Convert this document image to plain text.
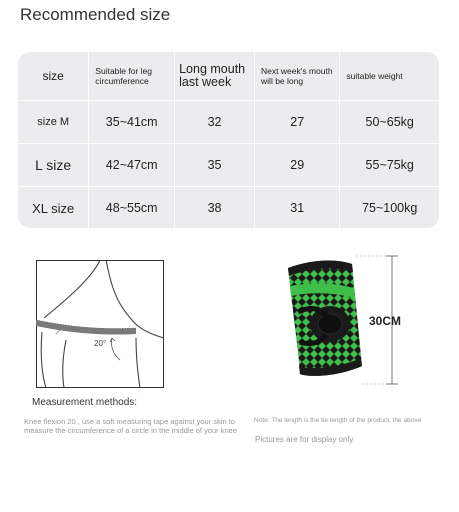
Recommended size
size	Suitable for leg circumference	Long mouth last week	Next week's mouth will be long	suitable weight
size M	35~41cm	32	27	50~65kg
L size	42~47cm	35	29	55~75kg
XL size	48~55cm	38	31	75~100kg
20°
30CM
Measurement methods:
Knee flexion 20 , use a soft measuring tape against your skin to measure the circumference of a circle in the middle of your knee
Note: The length is the tie length of the product, the above
Pictures are for display only.
